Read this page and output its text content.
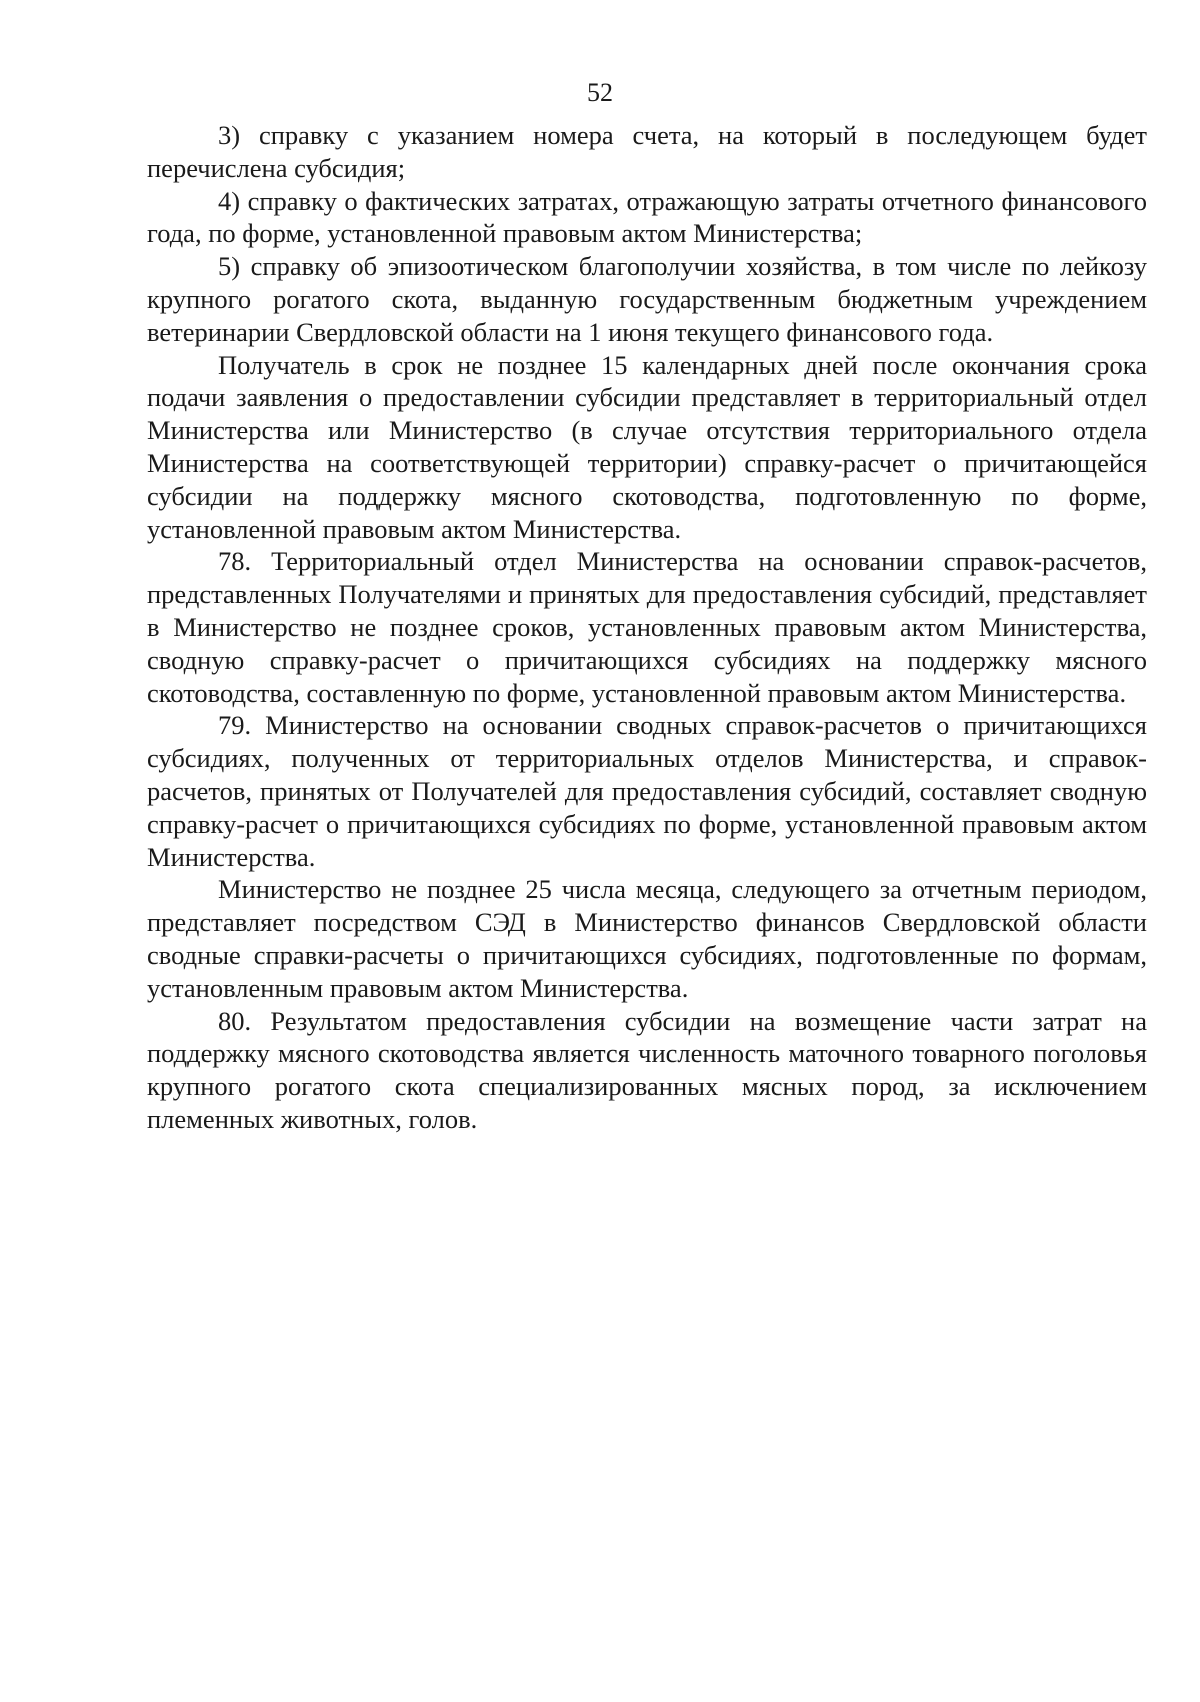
52

3) справку с указанием номера счета, на который в последующем будет перечислена субсидия;

4) справку о фактических затратах, отражающую затраты отчетного финансового года, по форме, установленной правовым актом Министерства;

5) справку об эпизоотическом благополучии хозяйства, в том числе по лейкозу крупного рогатого скота, выданную государственным бюджетным учреждением ветеринарии Свердловской области на 1 июня текущего финансового года.

Получатель в срок не позднее 15 календарных дней после окончания срока подачи заявления о предоставлении субсидии представляет в территориальный отдел Министерства или Министерство (в случае отсутствия территориального отдела Министерства на соответствующей территории) справку-расчет о причитающейся субсидии на поддержку мясного скотоводства, подготовленную по форме, установленной правовым актом Министерства.

78. Территориальный отдел Министерства на основании справок-расчетов, представленных Получателями и принятых для предоставления субсидий, представляет в Министерство не позднее сроков, установленных правовым актом Министерства, сводную справку-расчет о причитающихся субсидиях на поддержку мясного скотоводства, составленную по форме, установленной правовым актом Министерства.

79. Министерство на основании сводных справок-расчетов о причитающихся субсидиях, полученных от территориальных отделов Министерства, и справок-расчетов, принятых от Получателей для предоставления субсидий, составляет сводную справку-расчет о причитающихся субсидиях по форме, установленной правовым актом Министерства.

Министерство не позднее 25 числа месяца, следующего за отчетным периодом, представляет посредством СЭД в Министерство финансов Свердловской области сводные справки-расчеты о причитающихся субсидиях, подготовленные по формам, установленным правовым актом Министерства.

80. Результатом предоставления субсидии на возмещение части затрат на поддержку мясного скотоводства является численность маточного товарного поголовья крупного рогатого скота специализированных мясных пород, за исключением племенных животных, голов.
